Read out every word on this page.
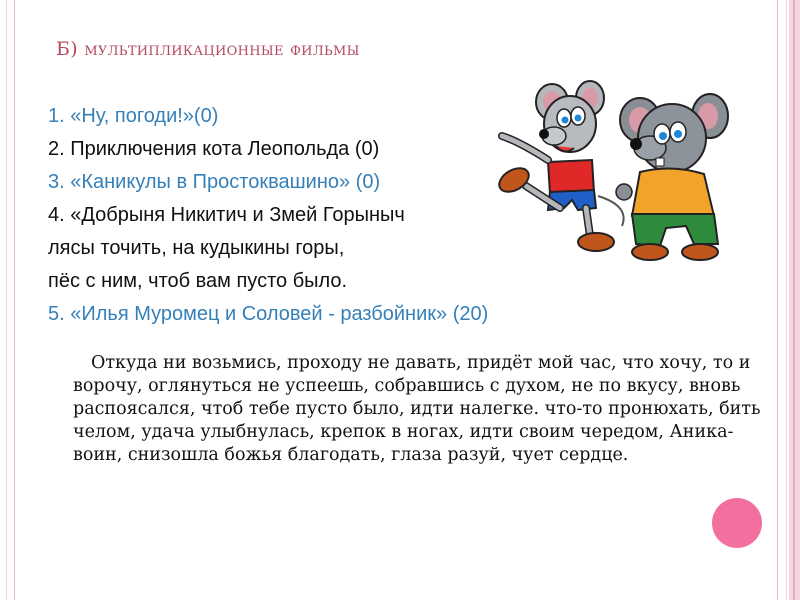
Б) мультипликационные фильмы
1. «Ну, погоди!»(0)
2. Приключения кота Леопольда (0)
3. «Каникулы в Простоквашино» (0)
4. «Добрыня Никитич и Змей Горыныч
лясы точить, на кудыкины горы,
пёс с ним, чтоб вам пусто было.
5. «Илья Муромец и Соловей - разбойник» (20)
Откуда ни возьмись, проходу не давать, придёт мой час, что хочу, то и ворочу, оглянуться не успеешь, собравшись с духом, не по вкусу, вновь распоясался, чтоб тебе пусто было, идти налегке. что-то пронюхать, бить челом, удача улыбнулась, крепок в ногах, идти своим чередом, Аника-воин, снизошла божья благодать, глаза разуй, чует сердце.
